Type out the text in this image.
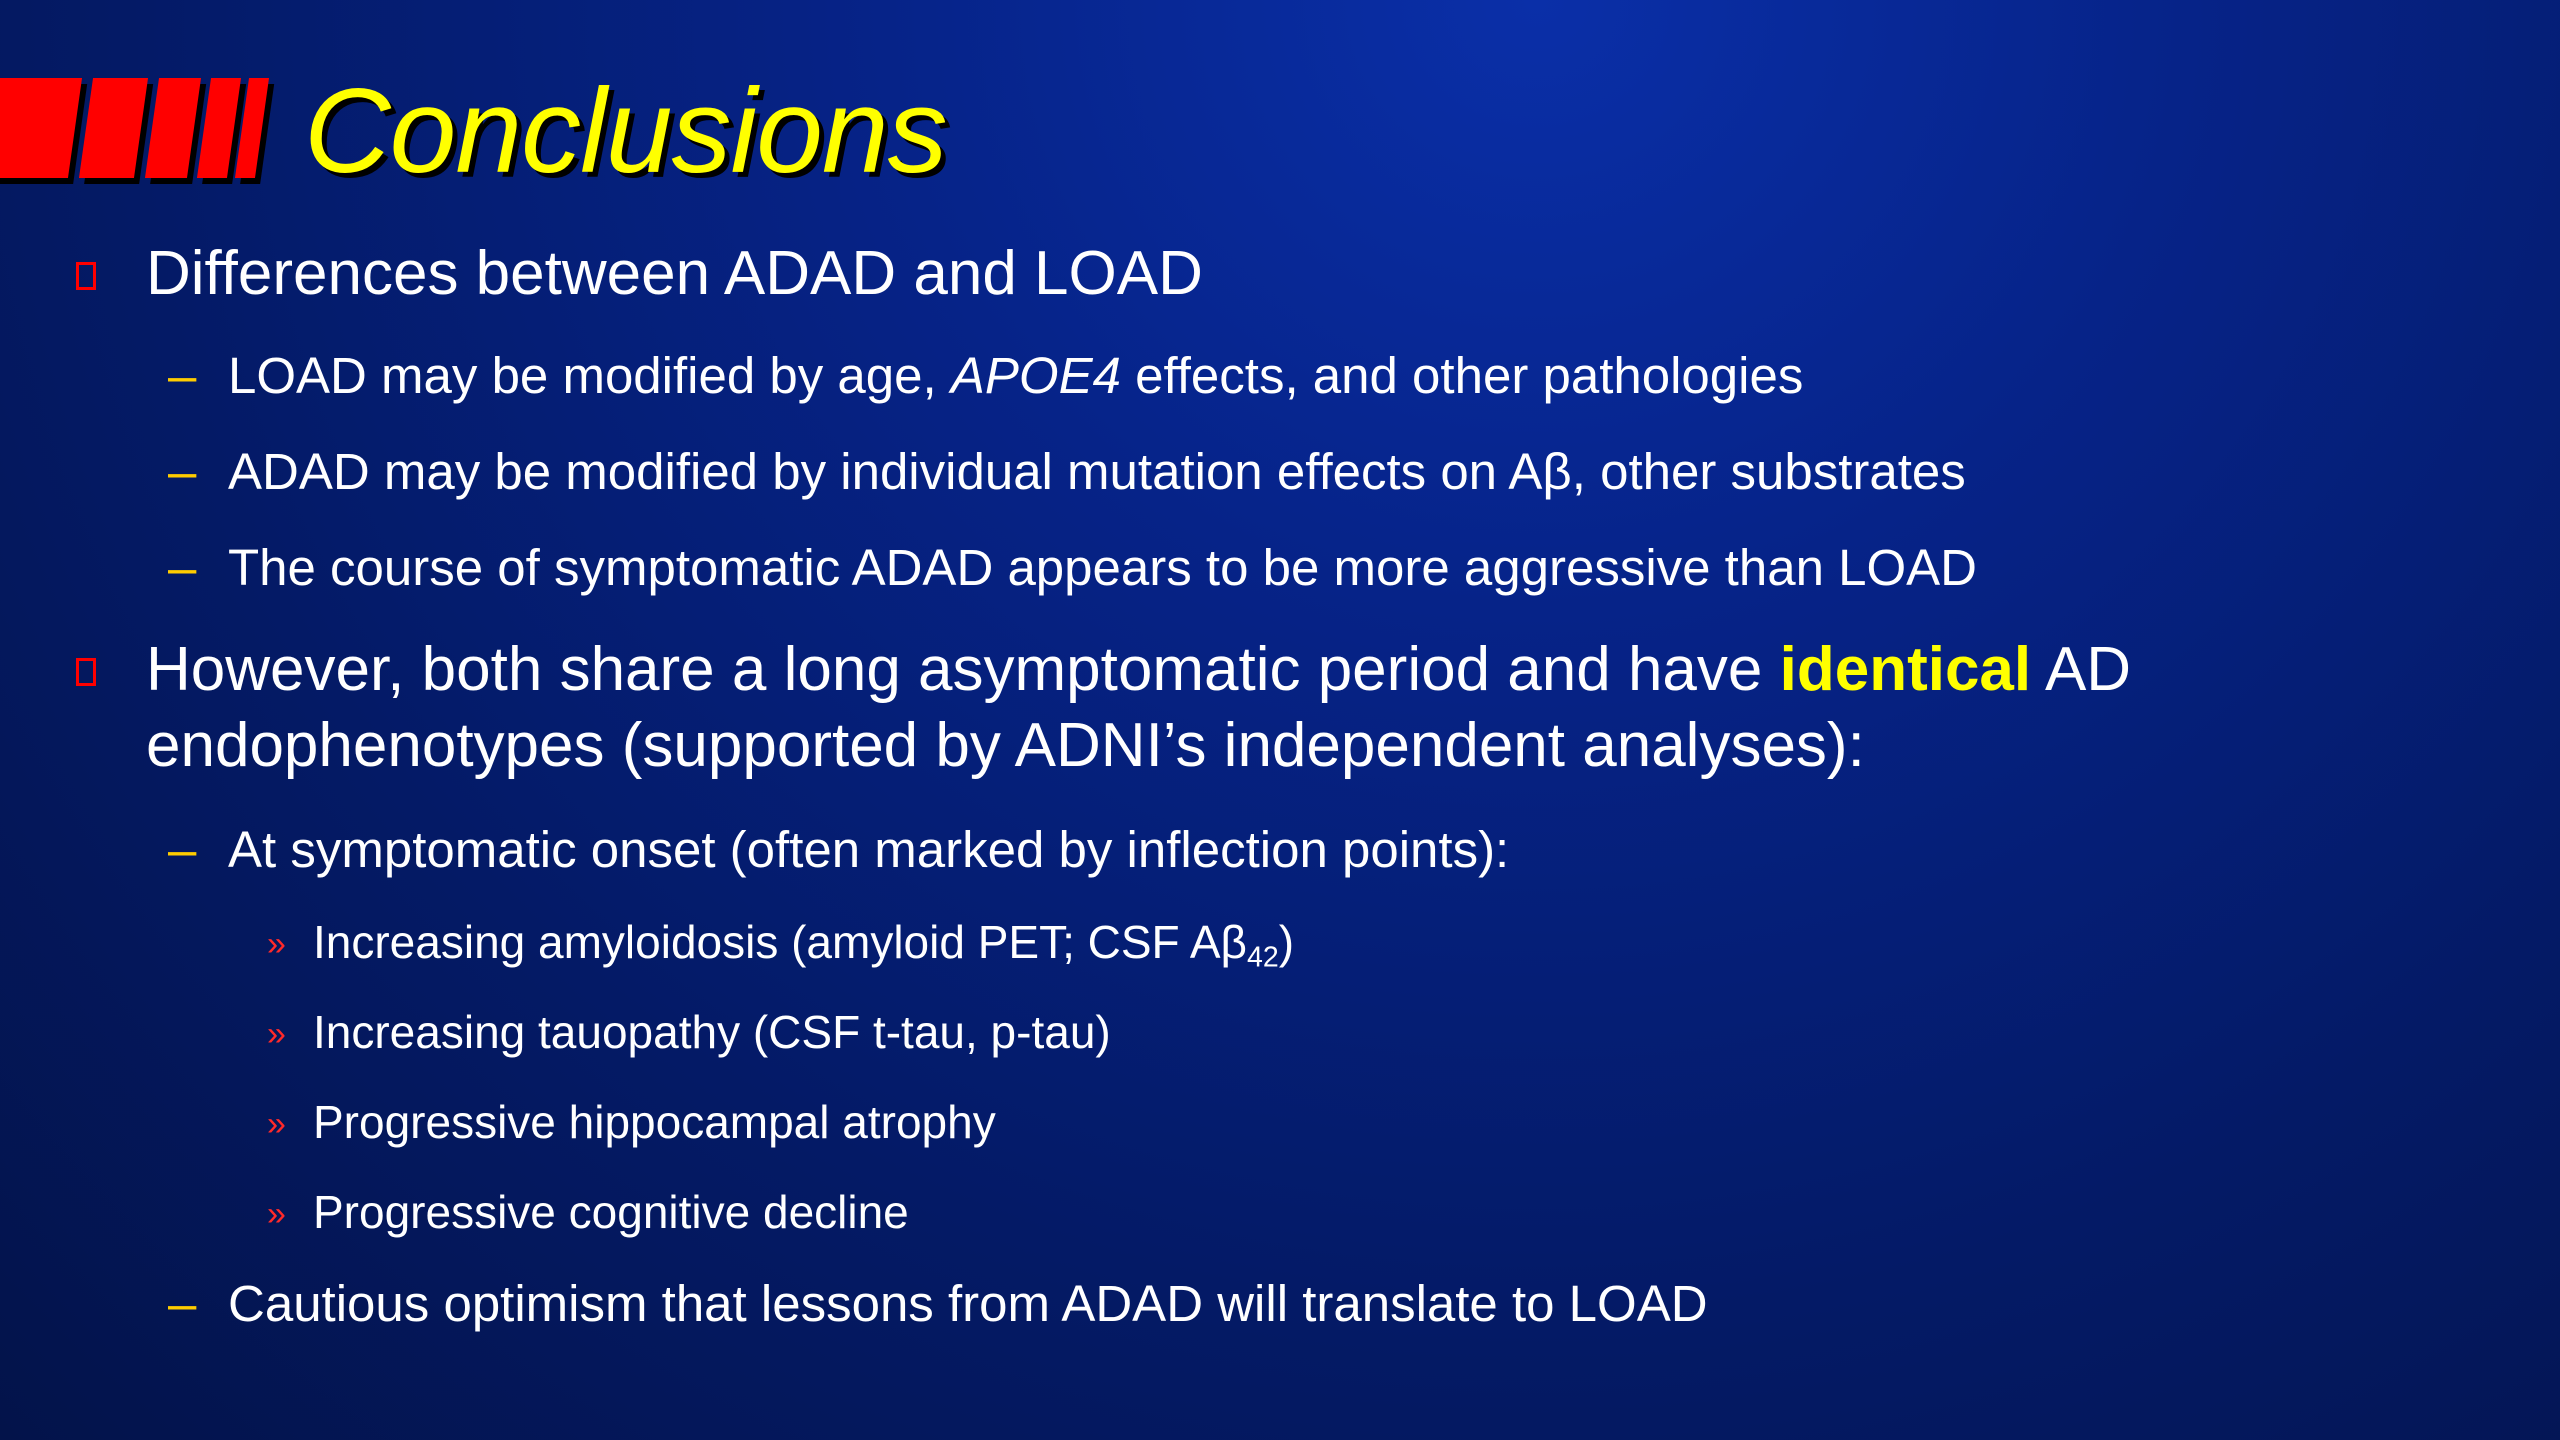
Conclusions
Differences between ADAD and LOAD
– LOAD may be modified by age, APOE4 effects, and other pathologies
– ADAD may be modified by individual mutation effects on Aβ, other substrates
– The course of symptomatic ADAD appears to be more aggressive than LOAD
However, both share a long asymptomatic period and have identical AD endophenotypes (supported by ADNI’s independent analyses):
– At symptomatic onset (often marked by inflection points):
» Increasing amyloidosis (amyloid PET; CSF $A\beta_{42}$)
» Increasing tauopathy (CSF t-tau, p-tau)
» Progressive hippocampal atrophy
» Progressive cognitive decline
– Cautious optimism that lessons from ADAD will translate to LOAD
